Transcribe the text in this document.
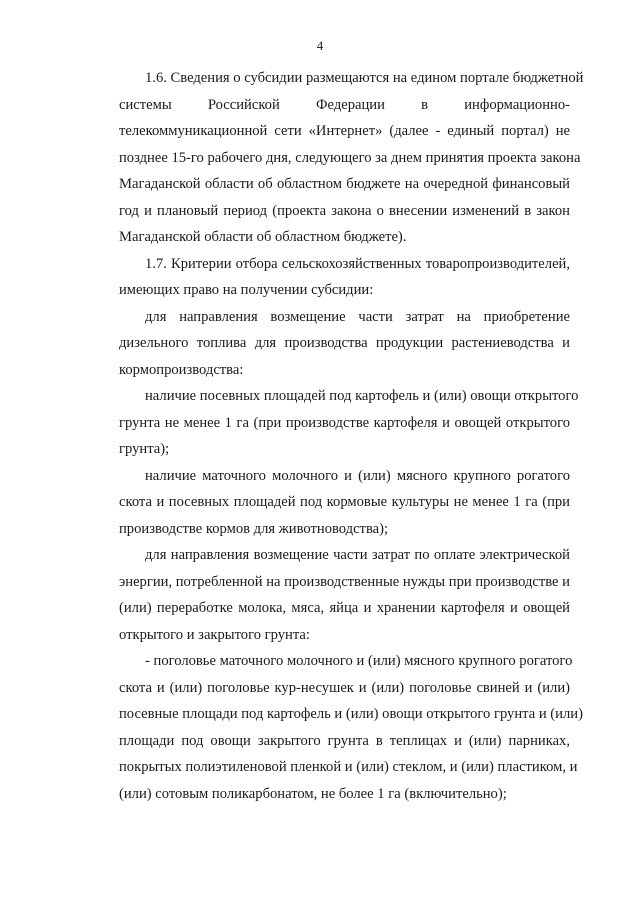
4

1.6. Сведения о субсидии размещаются на едином портале бюджетной
системы Российской Федерации в информационно-
телекоммуникационной сети «Интернет» (далее - единый портал) не
позднее 15-го рабочего дня, следующего за днем принятия проекта закона
Магаданской области об областном бюджете на очередной финансовый
год и плановый период (проекта закона о внесении изменений в закон
Магаданской области об областном бюджете).

1.7. Критерии отбора сельскохозяйственных товаропроизводителей,
имеющих право на получении субсидии:

для направления возмещение части затрат на приобретение
дизельного топлива для производства продукции растениеводства и
кормопроизводства:

наличие посевных площадей под картофель и (или) овощи открытого
грунта не менее 1 га (при производстве картофеля и овощей открытого
грунта);

наличие маточного молочного и (или) мясного крупного рогатого
скота и посевных площадей под кормовые культуры не менее 1 га (при
производстве кормов для животноводства);

для направления возмещение части затрат по оплате электрической
энергии, потребленной на производственные нужды при производстве и
(или) переработке молока, мяса, яйца и хранении картофеля и овощей
открытого и закрытого грунта:

- поголовье маточного молочного и (или) мясного крупного рогатого
скота и (или) поголовье кур-несушек и (или) поголовье свиней и (или)
посевные площади под картофель и (или) овощи открытого грунта и (или)
площади под овощи закрытого грунта в теплицах и (или) парниках,
покрытых полиэтиленовой пленкой и (или) стеклом, и (или) пластиком, и
(или) сотовым поликарбонатом, не более 1 га (включительно);
